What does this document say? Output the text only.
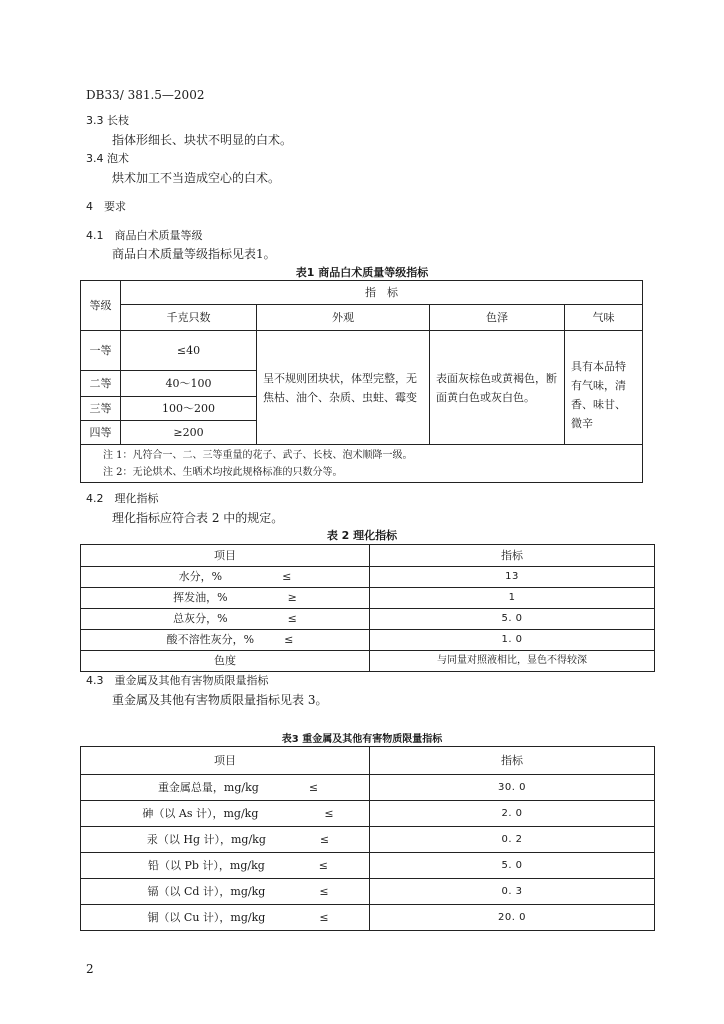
DB33/ 381.5—2002
3.3 长枝
指体形细长、块状不明显的白术。
3.4 泡术
烘术加工不当造成空心的白术。
4　要求
4.1　商品白术质量等级
商品白术质量等级指标见表1。
表1 商品白术质量等级指标
等级	指　标			
	千克只数	外观	色泽	气味
一等	≤40	呈不规则团块状，体型完整，无焦枯、油个、杂质、虫蛀、霉变	表面灰棕色或黄褐色，断面黄白色或灰白色。	具有本品特有气味，清香、味甘、微辛

二等	40～100			
三等	100～200			
四等	≥200			

注 1：凡符合一、二、三等重量的花子、武子、长枝、泡术顺降一级。
注 2：无论烘术、生晒术均按此规格标准的只数分等。				
4.2　理化指标
理化指标应符合表 2 中的规定。
表 2 理化指标
项目	指标
水分，% ≤	13
挥发油，% ≥	1
总灰分，% ≤	5. 0
酸不溶性灰分，% ≤	1. 0
色度	与同量对照液相比，显色不得较深
4.3　重金属及其他有害物质限量指标
重金属及其他有害物质限量指标见表 3。
表3 重金属及其他有害物质限量指标
项目	指标
重金属总量，mg/kg ≤	30. 0
砷（以 As 计），mg/kg ≤	2. 0
汞（以 Hg 计），mg/kg ≤	0. 2
铅（以 Pb 计），mg/kg ≤	5. 0
镉（以 Cd 计），mg/kg ≤	0. 3
铜（以 Cu 计），mg/kg ≤	20. 0
2
